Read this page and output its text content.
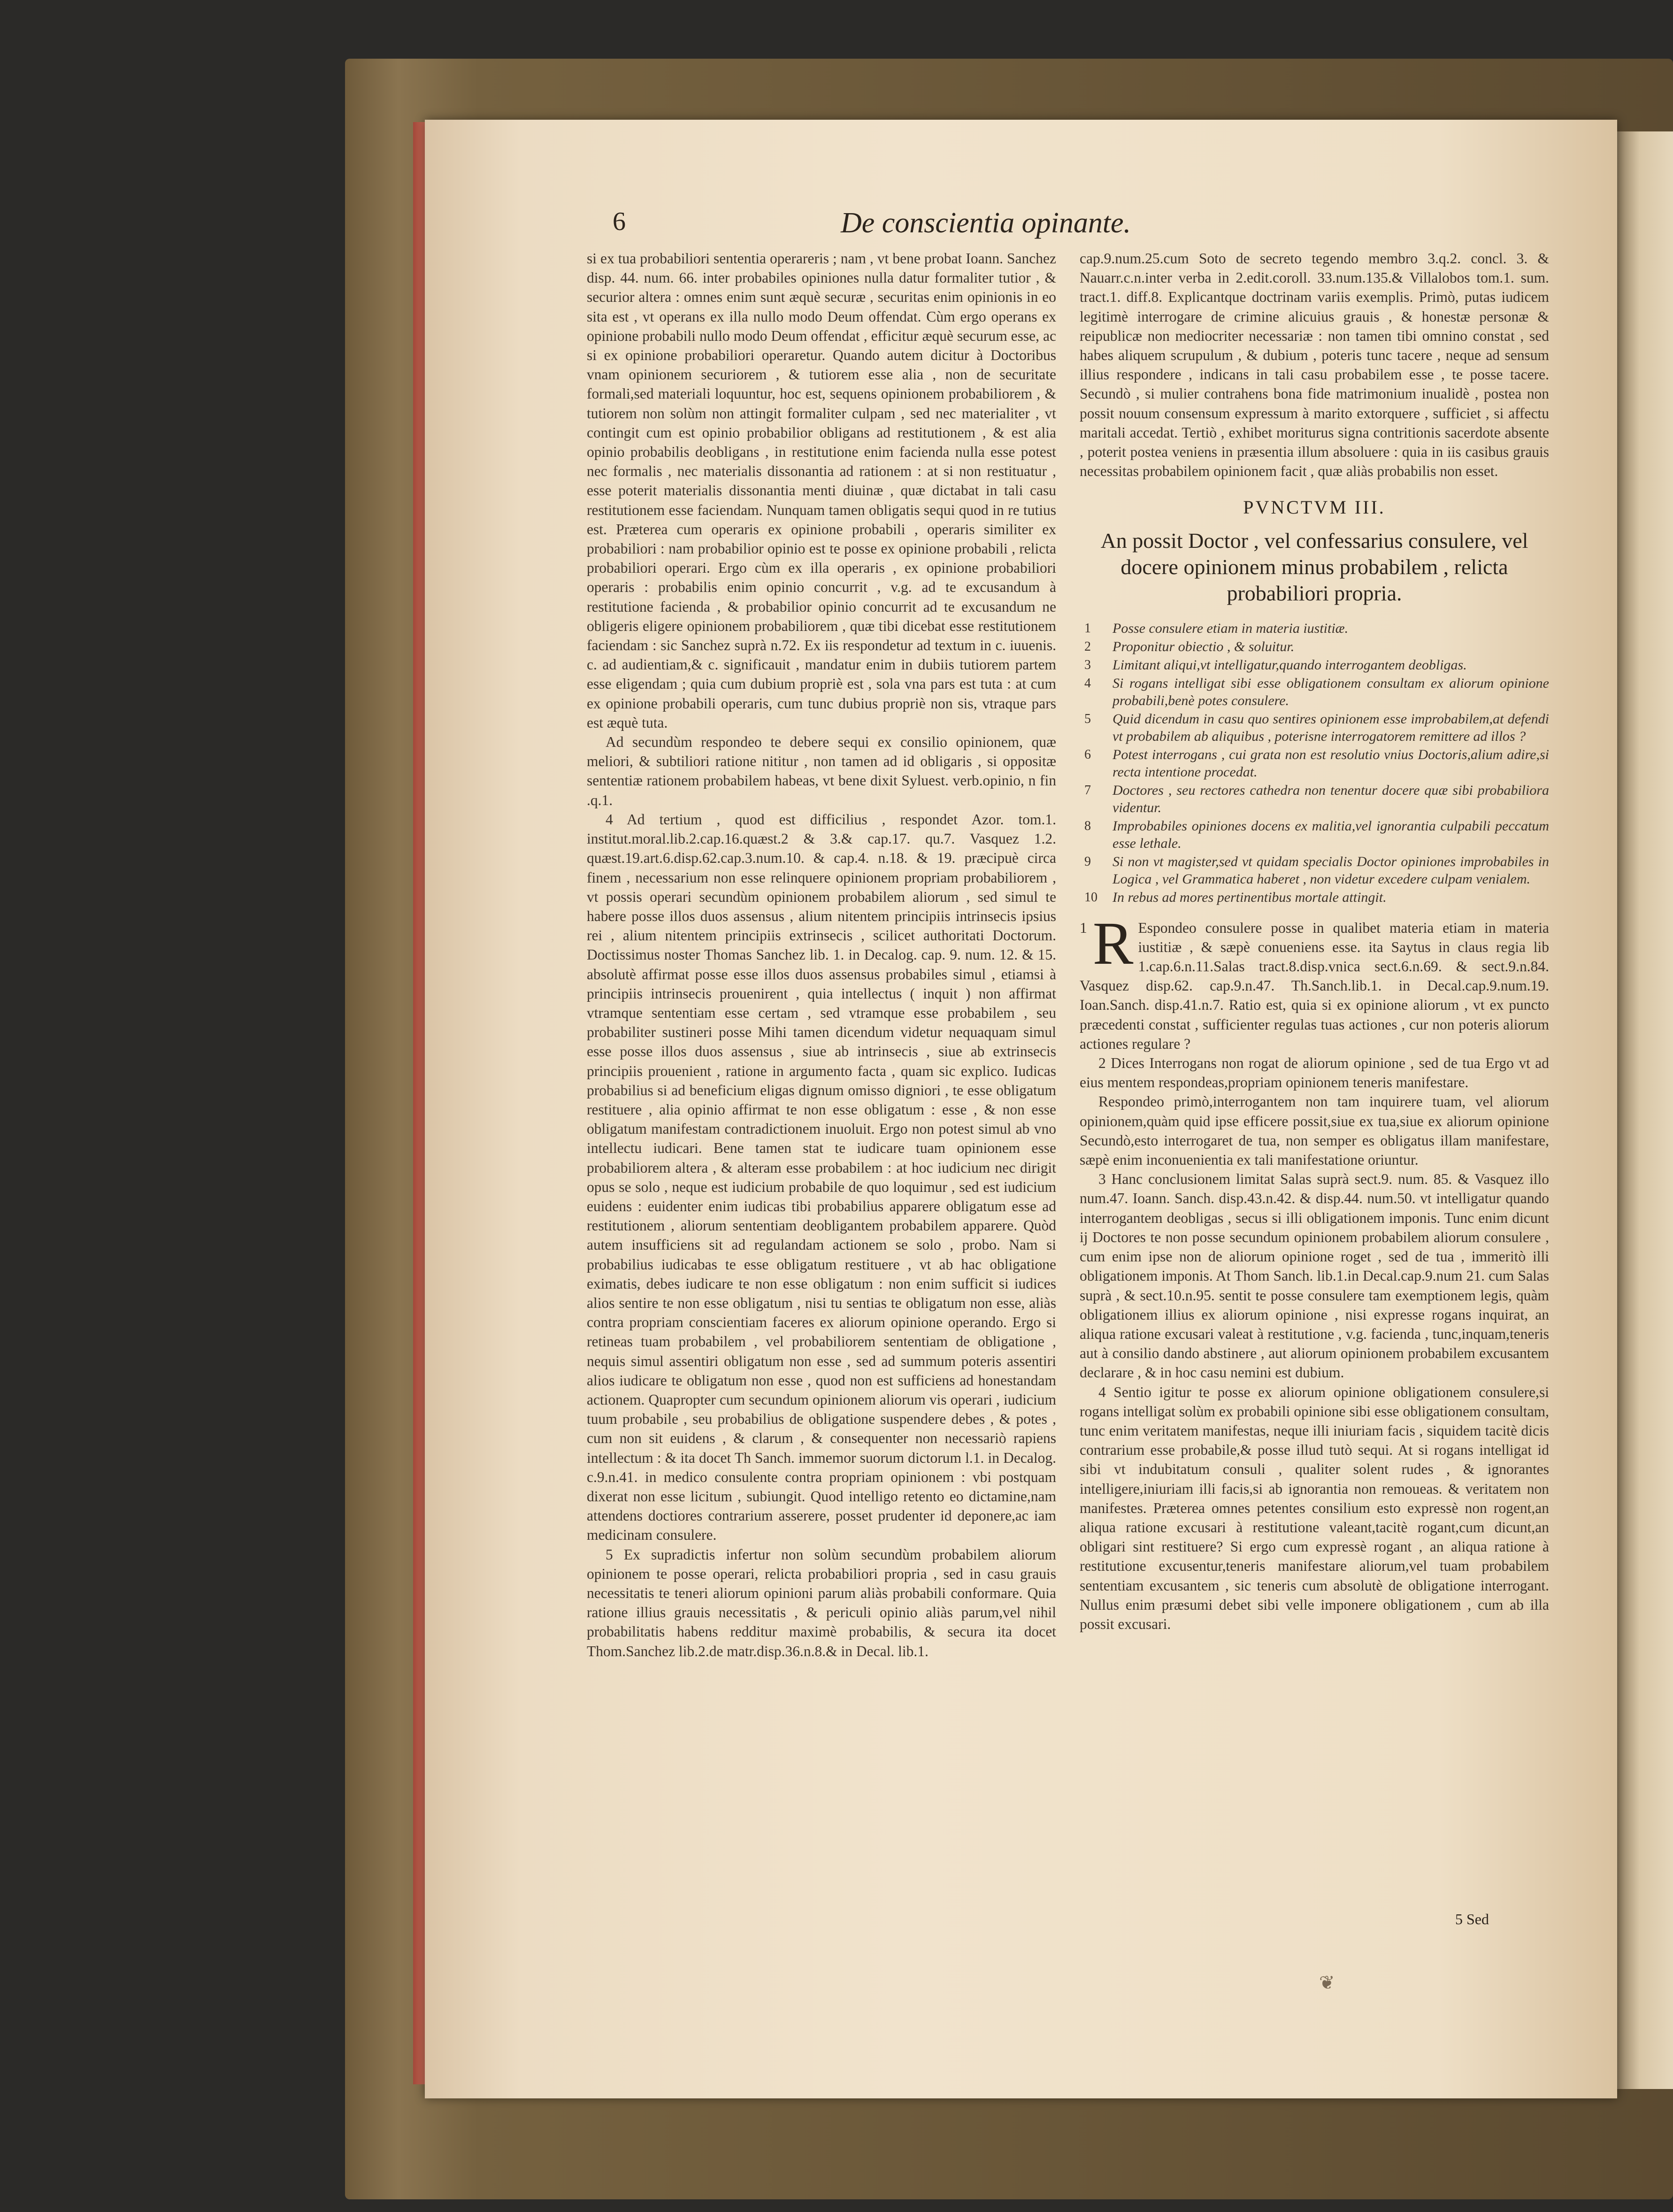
6	De conscientia opinante.

si ex tua probabiliori sententia operareris ; nam , vt bene probat Ioann. Sanchez disp. 44. num. 66. inter probabiles opiniones nulla datur formaliter tutior , & securior altera : omnes enim sunt æquè securæ , securitas enim opinionis in eo sita est , vt operans ex illa nullo modo Deum offendat. Cùm ergo operans ex opinione probabili nullo modo Deum offendat , efficitur æquè securum esse, ac si ex opinione probabiliori operaretur. Quando autem dicitur à Doctoribus vnam opinionem securiorem , & tutiorem esse alia , non de securitate formali,sed materiali loquuntur, hoc est, sequens opinionem probabiliorem , & tutiorem non solùm non attingit formaliter culpam , sed nec materialiter , vt contingit cum est opinio probabilior obligans ad restitutionem , & est alia opinio probabilis deobligans , in restitutione enim facienda nulla esse potest nec formalis , nec materialis dissonantia ad rationem : at si non restituatur , esse poterit materialis dissonantia menti diuinæ , quæ dictabat in tali casu restitutionem esse faciendam. Nunquam tamen obligatis sequi quod in re tutius est. Præterea cum operaris ex opinione probabili , operaris similiter ex probabiliori : nam probabilior opinio est te posse ex opinione probabili , relicta probabiliori operari. Ergo cùm ex illa operaris , ex opinione probabiliori operaris : probabilis enim opinio concurrit , v.g. ad te excusandum à restitutione facienda , & probabilior opinio concurrit ad te excusandum ne obligeris eligere opinionem probabiliorem , quæ tibi dicebat esse restitutionem faciendam : sic Sanchez suprà n.72. Ex iis respondetur ad textum in c. iuuenis. c. ad audientiam,& c. significauit , mandatur enim in dubiis tutiorem partem esse eligendam ; quia cum dubium propriè est , sola vna pars est tuta : at cum ex opinione probabili operaris, cum tunc dubius propriè non sis, vtraque pars est æquè tuta.

Ad secundùm respondeo te debere sequi ex consilio opinionem, quæ meliori, & subtiliori ratione nititur , non tamen ad id obligaris , si oppositæ sententiæ rationem probabilem habeas, vt bene dixit Syluest. verb.opinio, n fin .q.1.

4 Ad tertium , quod est difficilius , respondet Azor. tom.1. institut.moral.lib.2.cap.16.quæst.2 & 3.& cap.17. qu.7. Vasquez 1.2. quæst.19.art.6.disp.62.cap.3.num.10. & cap.4. n.18. & 19. præcipuè circa finem , necessarium non esse relinquere opinionem propriam probabiliorem , vt possis operari secundùm opinionem probabilem aliorum , sed simul te habere posse illos duos assensus , alium nitentem principiis intrinsecis ipsius rei , alium nitentem principiis extrinsecis , scilicet authoritati Doctorum. Doctissimus noster Thomas Sanchez lib. 1. in Decalog. cap. 9. num. 12. & 15. absolutè affirmat posse esse illos duos assensus probabiles simul , etiamsi à principiis intrinsecis prouenirent , quia intellectus ( inquit ) non affirmat vtramque sententiam esse certam , sed vtramque esse probabilem , seu probabiliter sustineri posse Mihi tamen dicendum videtur nequaquam simul esse posse illos duos assensus , siue ab intrinsecis , siue ab extrinsecis principiis prouenient , ratione in argumento facta , quam sic explico. Iudicas probabilius si ad beneficium eligas dignum omisso digniori , te esse obligatum restituere , alia opinio affirmat te non esse obligatum : esse , & non esse obligatum manifestam contradictionem inuoluit. Ergo non potest simul ab vno intellectu iudicari. Bene tamen stat te iudicare tuam opinionem esse probabiliorem altera , & alteram esse probabilem : at hoc iudicium nec dirigit opus se solo , neque est iudicium probabile de quo loquimur , sed est iudicium euidens : euidenter enim iudicas tibi probabilius apparere obligatum esse ad restitutionem , aliorum sententiam deobligantem probabilem apparere. Quòd autem insufficiens sit ad regulandam actionem se solo , probo. Nam si probabilius iudicabas te esse obligatum restituere , vt ab hac obligatione eximatis, debes iudicare te non esse obligatum : non enim sufficit si iudices alios sentire te non esse obligatum , nisi tu sentias te obligatum non esse, aliàs contra propriam conscientiam faceres ex aliorum opinione operando. Ergo si retineas tuam probabilem , vel probabiliorem sententiam de obligatione , nequis simul assentiri obligatum non esse , sed ad summum poteris assentiri alios iudicare te obligatum non esse , quod non est sufficiens ad honestandam actionem. Quapropter cum secundum opinionem aliorum vis operari , iudicium tuum probabile , seu probabilius de obligatione suspendere debes , & potes , cum non sit euidens , & clarum , & consequenter non necessariò rapiens intellectum : & ita docet Th Sanch. immemor suorum dictorum l.1. in Decalog. c.9.n.41. in medico consulente contra propriam opinionem : vbi postquam dixerat non esse licitum , subiungit. Quod intelligo retento eo dictamine,nam attendens doctiores contrarium asserere, posset prudenter id deponere,ac iam medicinam consulere.

5 Ex supradictis infertur non solùm secundùm probabilem aliorum opinionem te posse operari, relicta probabiliori propria , sed in casu grauis necessitatis te teneri aliorum opinioni parum aliàs probabili conformare. Quia ratione illius grauis necessitatis , & periculi opinio aliàs parum,vel nihil probabilitatis habens redditur maximè probabilis, & secura ita docet Thom.Sanchez lib.2.de matr.disp.36.n.8.& in Decal. lib.1.

cap.9.num.25.cum Soto de secreto tegendo membro 3.q.2. concl. 3. & Nauarr.c.n.inter verba in 2.edit.coroll. 33.num.135.& Villalobos tom.1. sum. tract.1. diff.8. Explicantque doctrinam variis exemplis. Primò, putas iudicem legitimè interrogare de crimine alicuius grauis , & honestæ personæ & reipublicæ non mediocriter necessariæ : non tamen tibi omnino constat , sed habes aliquem scrupulum , & dubium , poteris tunc tacere , neque ad sensum illius respondere , indicans in tali casu probabilem esse , te posse tacere. Secundò , si mulier contrahens bona fide matrimonium inualidè , postea non possit nouum consensum expressum à marito extorquere , sufficiet , si affectu maritali accedat. Tertiò , exhibet moriturus signa contritionis sacerdote absente , poterit postea veniens in præsentia illum absoluere : quia in iis casibus grauis necessitas probabilem opinionem facit , quæ aliàs probabilis non esset.

PVNCTVM III.
An possit Doctor , vel confessarius consulere, vel docere opinionem minus probabilem , relicta probabiliori propria.
1 Posse consulere etiam in materia iustitiæ.
2 Proponitur obiectio , & soluitur.
3 Limitant aliqui,vt intelligatur,quando interrogantem deobligas.
4 Si rogans intelligat sibi esse obligationem consultam ex aliorum opinione probabili,benè potes consulere.
5 Quid dicendum in casu quo sentires opinionem esse improbabilem,at defendi vt probabilem ab aliquibus , poterisne interrogatorem remittere ad illos ?
6 Potest interrogans , cui grata non est resolutio vnius Doctoris,alium adire,si recta intentione procedat.
7 Doctores , seu rectores cathedra non tenentur docere quæ sibi probabiliora videntur.
8 Improbabiles opiniones docens ex malitia,vel ignorantia culpabili peccatum esse lethale.
9 Si non vt magister,sed vt quidam specialis Doctor opiniones improbabiles in Logica , vel Grammatica haberet , non videtur excedere culpam venialem.
10 In rebus ad mores pertinentibus mortale attingit.

1 R Espondeo consulere posse in qualibet materia etiam in materia iustitiæ , & sæpè conueniens esse. ita Saytus in claus regia lib 1.cap.6.n.11.Salas tract.8.disp.vnica sect.6.n.69. & sect.9.n.84. Vasquez disp.62. cap.9.n.47. Th.Sanch.lib.1. in Decal.cap.9.num.19. Ioan.Sanch. disp.41.n.7. Ratio est, quia si ex opinione aliorum , vt ex puncto præcedenti constat , sufficienter regulas tuas actiones , cur non poteris aliorum actiones regulare ?

2 Dices Interrogans non rogat de aliorum opinione , sed de tua Ergo vt ad eius mentem respondeas,propriam opinionem teneris manifestare.

Respondeo primò,interrogantem non tam inquirere tuam, vel aliorum opinionem,quàm quid ipse efficere possit,siue ex tua,siue ex aliorum opinione Secundò,esto interrogaret de tua, non semper es obligatus illam manifestare, sæpè enim inconuenientia ex tali manifestatione oriuntur.

3 Hanc conclusionem limitat Salas suprà sect.9. num. 85. & Vasquez illo num.47. Ioann. Sanch. disp.43.n.42. & disp.44. num.50. vt intelligatur quando interrogantem deobligas , secus si illi obligationem imponis. Tunc enim dicunt ij Doctores te non posse secundum opinionem probabilem aliorum consulere , cum enim ipse non de aliorum opinione roget , sed de tua , immeritò illi obligationem imponis. At Thom Sanch. lib.1.in Decal.cap.9.num 21. cum Salas suprà , & sect.10.n.95. sentit te posse consulere tam exemptionem legis, quàm obligationem illius ex aliorum opinione , nisi expresse rogans inquirat, an aliqua ratione excusari valeat à restitutione , v.g. facienda , tunc,inquam,teneris aut à consilio dando abstinere , aut aliorum opinionem probabilem excusantem declarare , & in hoc casu nemini est dubium.

4 Sentio igitur te posse ex aliorum opinione obligationem consulere,si rogans intelligat solùm ex probabili opinione sibi esse obligationem consultam, tunc enim veritatem manifestas, neque illi iniuriam facis , siquidem tacitè dicis contrarium esse probabile,& posse illud tutò sequi. At si rogans intelligat id sibi vt indubitatum consuli , qualiter solent rudes , & ignorantes intelligere,iniuriam illi facis,si ab ignorantia non remoueas. & veritatem non manifestes. Præterea omnes petentes consilium esto expressè non rogent,an aliqua ratione excusari à restitutione valeant,tacitè rogant,cum dicunt,an obligari sint restituere? Si ergo cum expressè rogant , an aliqua ratione à restitutione excusentur,teneris manifestare aliorum,vel tuam probabilem sententiam excusantem , sic teneris cum absolutè de obligatione interrogant. Nullus enim præsumi debet sibi velle imponere obligationem , cum ab illa possit excusari.

5 Sed
❦
